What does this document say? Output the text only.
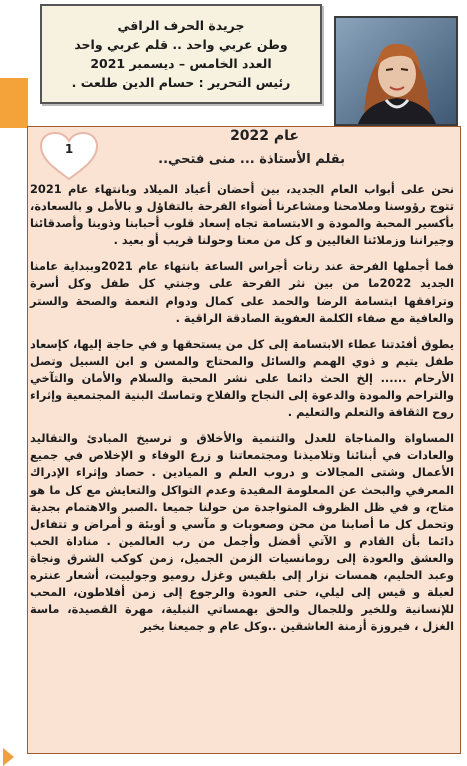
جريدة الحرف الراقي
وطن عربي واحد .. قلم عربي واحد
العدد الخامس – ديسمبر 2021
رئيس التحرير : حسام الدين طلعت .
1
عام 2022
بقلم الأستاذة ... منى فتحي..

نحن على أبواب العام الجديد، بين أحضان أعياد الميلاد وبانتهاء عام 2021 تتوج رؤوسنا وملامحنا ومشاعرنا أضواء الفرحة بالتفاؤل و بالأمل و بالسعادة، بأكسير المحبة والمودة و الابتسامة تجاه إسعاد قلوب أحبابنا وذوينا وأصدقائنا وجيراننا وزملائنا الغاليين و كل من معنا وحولنا قريب أو بعيد .

فما أجملها الفرحة عند رنات أجراس الساعة بانتهاء عام 2021وببداية عامنا الجديد 2022ما من بين نثر الفرحة على وجنتي كل طفل وكل أسرة وترافقها ابتسامة الرضا والحمد على كمال ودوام النعمة والصحة والستر والعافية مع صفاء الكلمة العفوية الصادقة الراقية .

يطوق أفئدتنا عطاء الابتسامة إلى كل من يستحقها و في حاجة إليها، كإسعاد طفل يتيم و ذوي الهمم والسائل والمحتاج والمسن و ابن السبيل وتصل الأرحام ...... إلخ الحث دائما على نشر المحبة والسلام والأمان والتآخي والتراحم والمودة والدعوة إلى النجاح والفلاح وتماسك البنية المجتمعية وإثراء روح الثقافة والتعلم والتعليم .

المساواة والمناجاة للعدل والتنمية والأخلاق و ترسيخ المبادئ والتقاليد والعادات في أبنائنا وتلاميذنا ومجتمعاتنا و زرع الوفاء و الإخلاص في جميع الأعمال وشتى المجالات و دروب العلم و الميادين . حصاد وإثراء الإدراك المعرفي والبحث عن المعلومة المفيدة وعدم التواكل والتعايش مع كل ما هو متاح، و في ظل الظروف المتواجدة من حولنا جميعا .الصبر والاهتمام بجدية وتحمل كل ما أصابنا من محن وصعوبات و مآسي و أوبئة و أمراض و تتفاءل دائما بأن القادم و الآتي أفضل وأجمل من رب العالمين . مناداة الحب والعشق والعودة إلى رومانسيات الزمن الجميل، زمن كوكب الشرق ونجاة وعبد الحليم، همسات نزار إلى بلقيس وغزل روميو وجولييت، أشعار عنتره لعبلة و قيس إلى ليلي، حتى العودة والرجوع إلى زمن أفلاطون، المحب للإنسانية وللخير وللجمال والحق بهمساتي النبلية، مهرة القصيدة، ماسة الغزل ، فيروزة أزمنة العاشقين ..وكل عام و جميعنا بخير
